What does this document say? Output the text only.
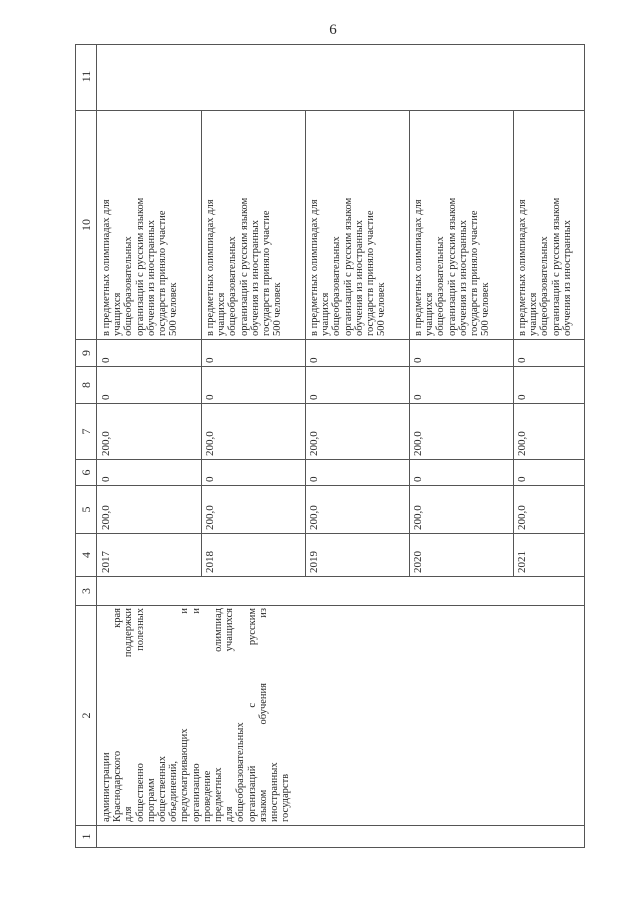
6
1
2
3
4
5
6
7
8
9
10
11
администрации Краснодарского края для поддержки общественно полезных программ общественных объединений, предусматривающих и организацию и проведение предметных олимпиад для учащихся общеобразовательных организаций с русским языком обучения из иностранных государств
2017
200,0
0
200,0
0
0
в предметных олимпиадах для учащихся общеобразовательных организаций с русским языком обучения из иностранных государств приняло участие 500 человек
2018
200,0
0
200,0
0
0
в предметных олимпиадах для учащихся общеобразовательных организаций с русским языком обучения из иностранных государств приняло участие 500 человек
2019
200,0
0
200,0
0
0
в предметных олимпиадах для учащихся общеобразовательных организаций с русским языком обучения из иностранных государств приняло участие 500 человек
2020
200,0
0
200,0
0
0
в предметных олимпиадах для учащихся общеобразовательных организаций с русским языком обучения из иностранных государств приняло участие 500 человек
2021
200,0
0
200,0
0
0
в предметных олимпиадах для учащихся общеобразовательных организаций с русским языком обучения из иностранных
